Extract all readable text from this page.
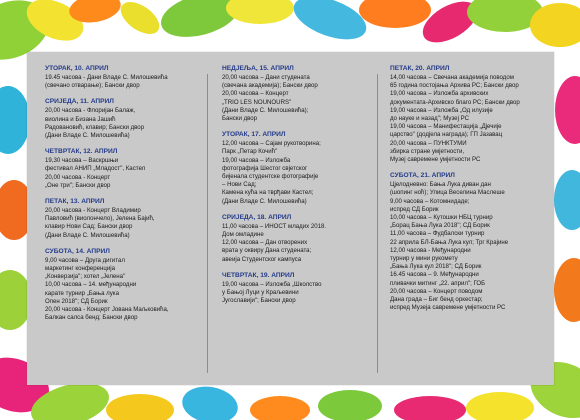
УТОРАК, 10. АПРИЛ
19.45 часова - Дани Владе С. Милошевића
(свечано отварање); Бански двор
СРИЈЕДА, 11. АПРИЛ
20,00 часова - Флоријан Балаж,
виолина и Бизана Јашић
Радовановић, клавир; Бански двор
(Дани Владе С. Милошевића)
ЧЕТВРТАК, 12. АПРИЛ
19,30 часова – Васкршњи
фестивал АНИП „Младост", Кастел
20,00 часова - Концерт
„Оне три"; Бански двор
ПЕТАК, 13. АПРИЛ
20,00 часова - Концерт Владимир
Павловић (виолончело), Јелена Бајић,
клавир Нови Сад; Бански двор
(Дани Владе С. Милошевића)
СУБОТА, 14. АПРИЛ
9,00 часова – Друга дигитал
маркетинг конференција
„Конверзија"; хотел „Јелена"
10,00 часова – 14. међународни
карате турнир „Бања лука
Опен 2018"; СД Борик
20,00 часова - Концерт Јована Маљковића,
Балкан салса бенд; Бански двор
НЕДЈЕЉА, 15. АПРИЛ
20,00 часова – Дани студената
(свечана академија); Бански двор
20,00 часова – Концерт
„TRIO LES NOUNOURS"
(Дани Владе С. Милошевића);
Бански двор
УТОРАК, 17. АПРИЛ
12,00 часова – Сајам рукотворина;
Парк „Петар Кочић"
19,00 часова – Изложба
фотографија Шестог свјетског
бијенала студентске фотографије
– Нови Сад;
Камена кућа на тврђави Кастел;
(Дани Владе С. Милошевића)
СРИЈЕДА, 18. АПРИЛ
11,00 часова – ИНОСТ младих 2018.
Дом омладине
12,00 часова – Дан отворених
врата у оквиру Дана студената;
авеија Студентског кампуса
ЧЕТВРТАК, 19. АПРИЛ
19,00 часова – Изложба „Школство
у Бањој Луци у Краљевини
Југославији"; Бански двор
ПЕТАК, 20. АПРИЛ
14,00 часова – Свечана академија поводом
65 година постојања Архива РС; Бански двор
19,00 часова – Изложба архивских
документата-Архивско благо РС; Бански двор
19,00 часова – Изложба „Од илузије
до науке и назад"; Музеј РС
19,00 часова – Манифестација „Дјечије
царство" (додјела награда); ГП Јазавац
20,00 часова – ПУНКТУМИ
збирка стране умјетности,
Музеј савремене умјетности РС
СУБОТА, 21. АПРИЛ
Цјелодневно: Бања Лука диван дан
(шопинг ноћ); Улица Веселина Маслеше
9,00 часова – Котомнидаде;
испред СД Борик
10,00 часова – Кутошки НБЦ турнир
„Борац Бања Лука 2018"; СД Борик
11,00 часова – Фудбалски турнир
22 априла БЛ-Бања Лука кул; Трг Крајине
12,00 часова - Међународни
турнир у мини рукомету
„Бања Лука кул 2018"; СД Борик
16.45 часова – 9. Међународни
пливачки митинг „22. април"; ГОБ
20,00 часова – Концерт поводом
Дана града – Биг бенд оркестар;
испред Музеја савремене умјетности РС
